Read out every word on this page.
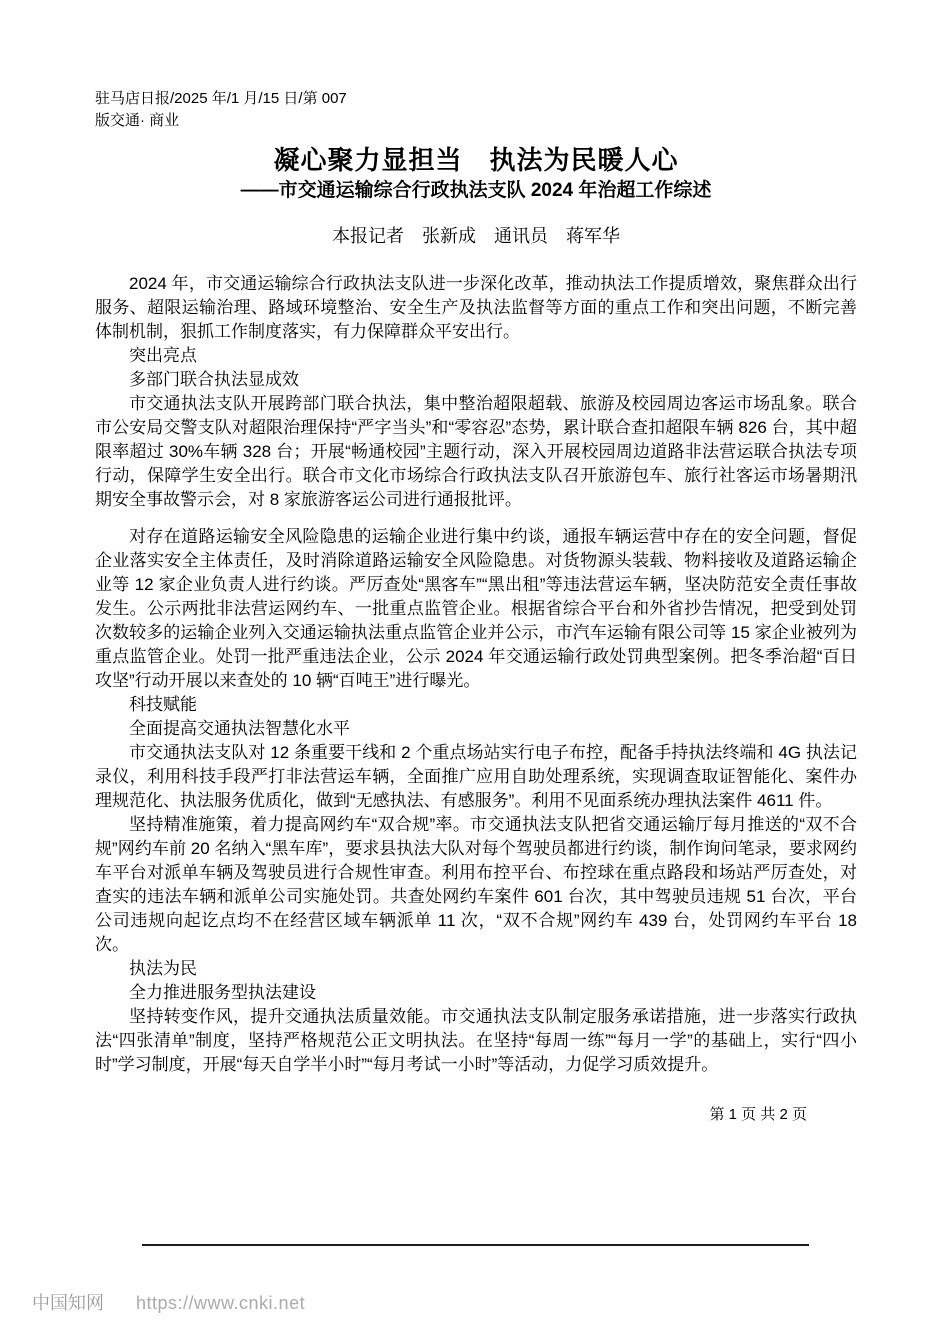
驻马店日报/2025 年/1 月/15 日/第 007
版交通· 商业
凝心聚力显担当　执法为民暖人心
——市交通运输综合行政执法支队 2024 年治超工作综述
本报记者　张新成　通讯员　蒋军华

2024 年，市交通运输综合行政执法支队进一步深化改革，推动执法工作提质增效，聚焦群众出行服务、超限运输治理、路域环境整治、安全生产及执法监督等方面的重点工作和突出问题，不断完善体制机制，狠抓工作制度落实，有力保障群众平安出行。

突出亮点

多部门联合执法显成效

市交通执法支队开展跨部门联合执法，集中整治超限超载、旅游及校园周边客运市场乱象。联合市公安局交警支队对超限治理保持“严字当头”和“零容忍”态势，累计联合查扣超限车辆 826 台，其中超限率超过 30%车辆 328 台；开展“畅通校园”主题行动，深入开展校园周边道路非法营运联合执法专项行动，保障学生安全出行。联合市文化市场综合行政执法支队召开旅游包车、旅行社客运市场暑期汛期安全事故警示会，对 8 家旅游客运公司进行通报批评。

对存在道路运输安全风险隐患的运输企业进行集中约谈，通报车辆运营中存在的安全问题，督促企业落实安全主体责任，及时消除道路运输安全风险隐患。对货物源头装载、物料接收及道路运输企业等 12 家企业负责人进行约谈。严厉查处“黑客车”“黑出租”等违法营运车辆，坚决防范安全责任事故发生。公示两批非法营运网约车、一批重点监管企业。根据省综合平台和外省抄告情况，把受到处罚次数较多的运输企业列入交通运输执法重点监管企业并公示，市汽车运输有限公司等 15 家企业被列为重点监管企业。处罚一批严重违法企业，公示 2024 年交通运输行政处罚典型案例。把冬季治超“百日攻坚”行动开展以来查处的 10 辆“百吨王”进行曝光。

科技赋能

全面提高交通执法智慧化水平

市交通执法支队对 12 条重要干线和 2 个重点场站实行电子布控，配备手持执法终端和 4G 执法记录仪，利用科技手段严打非法营运车辆，全面推广应用自助处理系统，实现调查取证智能化、案件办理规范化、执法服务优质化，做到“无感执法、有感服务”。利用不见面系统办理执法案件 4611 件。

坚持精准施策，着力提高网约车“双合规”率。市交通执法支队把省交通运输厅每月推送的“双不合规”网约车前 20 名纳入“黑车库”，要求县执法大队对每个驾驶员都进行约谈，制作询问笔录，要求网约车平台对派单车辆及驾驶员进行合规性审查。利用布控平台、布控球在重点路段和场站严厉查处，对查实的违法车辆和派单公司实施处罚。共查处网约车案件 601 台次，其中驾驶员违规 51 台次，平台公司违规向起讫点均不在经营区域车辆派单 11 次，“双不合规”网约车 439 台，处罚网约车平台 18 次。

执法为民

全力推进服务型执法建设

坚持转变作风，提升交通执法质量效能。市交通执法支队制定服务承诺措施，进一步落实行政执法“四张清单”制度，坚持严格规范公正文明执法。在坚持“每周一练”“每月一学”的基础上，实行“四小时”学习制度，开展“每天自学半小时”“每月考试一小时”等活动，力促学习质效提升。

第 1 页 共 2 页
中国知网 https://www.cnki.net
